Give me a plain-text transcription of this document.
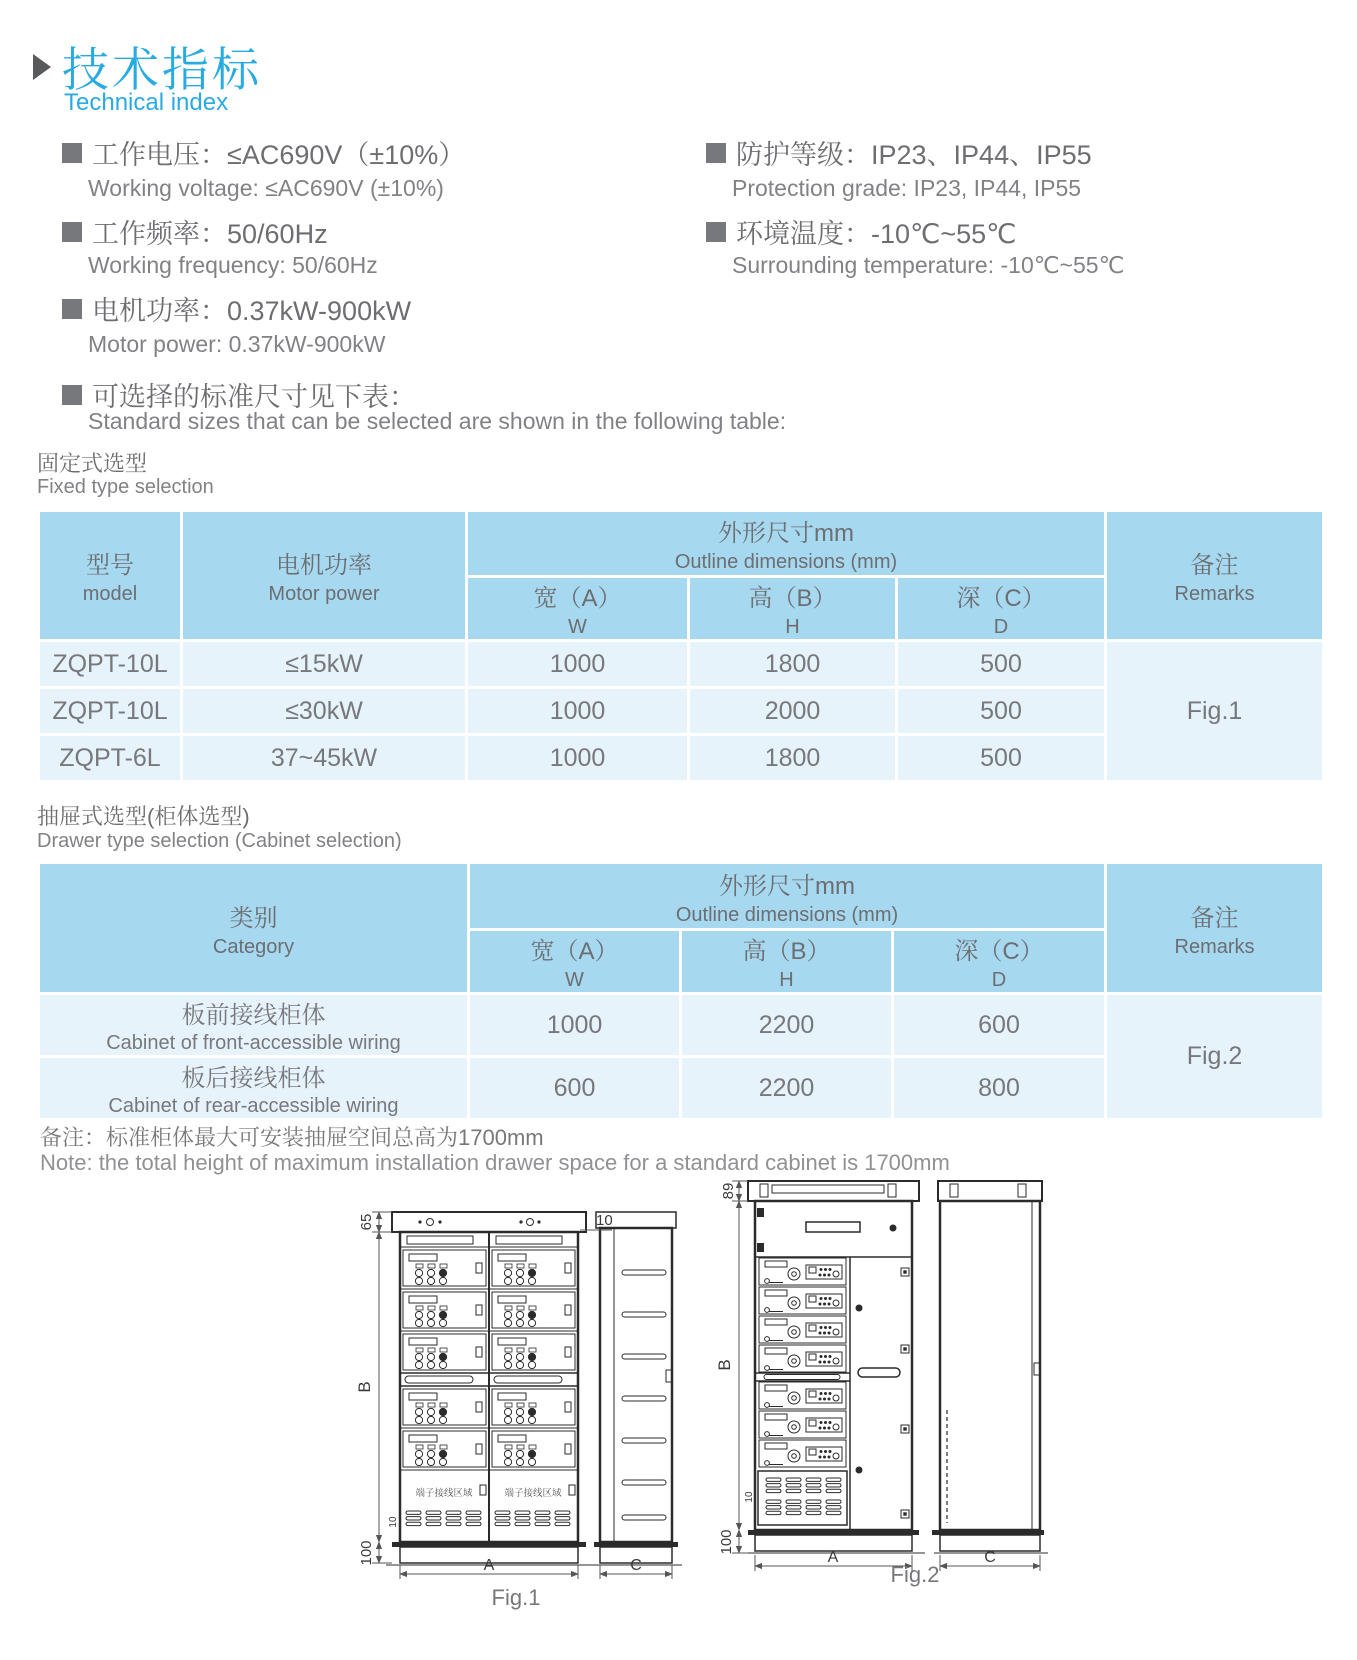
技术指标
Technical index
工作电压：≤AC690V（±10%）
Working voltage: ≤AC690V (±10%)
工作频率：50/60Hz
Working frequency: 50/60Hz
电机功率：0.37kW-900kW
Motor power: 0.37kW-900kW
防护等级：IP23、IP44、IP55
Protection grade: IP23, IP44, IP55
环境温度：-10℃~55℃
Surrounding temperature: -10℃~55℃
可选择的标准尺寸见下表：
Standard sizes that can be selected are shown in the following table:
固定式选型
Fixed type selection
型号
model

电机功率
Motor power

外形尺寸mm
Outline dimensions (mm)	备注
Remarks

宽（A）
W

高（B）
H

深（C）
D

ZQPT-10L	≤15kW	1000	1800	500	Fig.1
ZQPT-10L	≤30kW	1000	2000	500	
ZQPT-6L	37~45kW	1000	1800	500	
抽屉式选型(柜体选型)
Drawer type selection (Cabinet selection)
类别
Category

外形尺寸mm
Outline dimensions (mm)	备注
Remarks

宽（A）
W

高（B）
H

深（C）
D

板前接线柜体
Cabinet of front-accessible wiring	1000	2200	600	Fig.2

板后接线柜体
Cabinet of rear-accessible wiring	600	2200	800	
备注：标准柜体最大可安装抽屉空间总高为1700mm
Note: the total height of maximum installation drawer space for a standard cabinet is 1700mm
端子接线区域	端子接线区域
65
B
100
10
10
A	C
Fig.1
89
B
100
10
A	C
Fig.2
